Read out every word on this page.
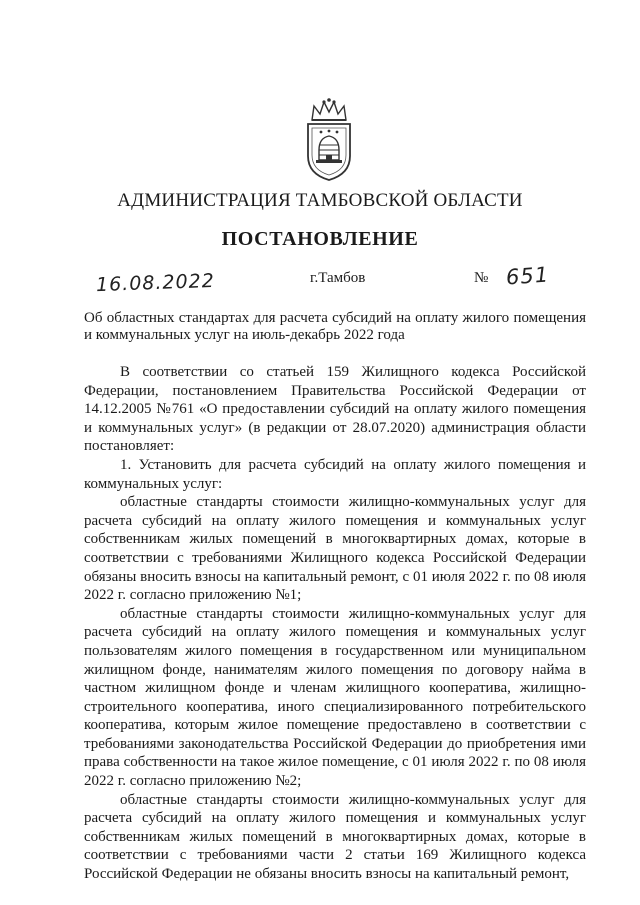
АДМИНИСТРАЦИЯ ТАМБОВСКОЙ ОБЛАСТИ
ПОСТАНОВЛЕНИЕ
16.08.2022	г.Тамбов	№ 651
Об областных стандартах для расчета субсидий на оплату жилого помещения и коммунальных услуг на июль-декабрь 2022 года

В соответствии со статьей 159 Жилищного кодекса Российской Федерации, постановлением Правительства Российской Федерации от 14.12.2005 №761 «О предоставлении субсидий на оплату жилого помещения и коммунальных услуг» (в редакции от 28.07.2020) администрация области постановляет:

1. Установить для расчета субсидий на оплату жилого помещения и коммунальных услуг:

областные стандарты стоимости жилищно-коммунальных услуг для расчета субсидий на оплату жилого помещения и коммунальных услуг собственникам жилых помещений в многоквартирных домах, которые в соответствии с требованиями Жилищного кодекса Российской Федерации обязаны вносить взносы на капитальный ремонт, с 01 июля 2022 г. по 08 июля 2022 г. согласно приложению №1;

областные стандарты стоимости жилищно-коммунальных услуг для расчета субсидий на оплату жилого помещения и коммунальных услуг пользователям жилого помещения в государственном или муниципальном жилищном фонде, нанимателям жилого помещения по договору найма в частном жилищном фонде и членам жилищного кооператива, жилищно-строительного кооператива, иного специализированного потребительского кооператива, которым жилое помещение предоставлено в соответствии с требованиями законодательства Российской Федерации до приобретения ими права собственности на такое жилое помещение, с 01 июля 2022 г. по 08 июля 2022 г. согласно приложению №2;

областные стандарты стоимости жилищно-коммунальных услуг для расчета субсидий на оплату жилого помещения и коммунальных услуг собственникам жилых помещений в многоквартирных домах, которые в соответствии с требованиями части 2 статьи 169 Жилищного кодекса Российской Федерации не обязаны вносить взносы на капитальный ремонт,
